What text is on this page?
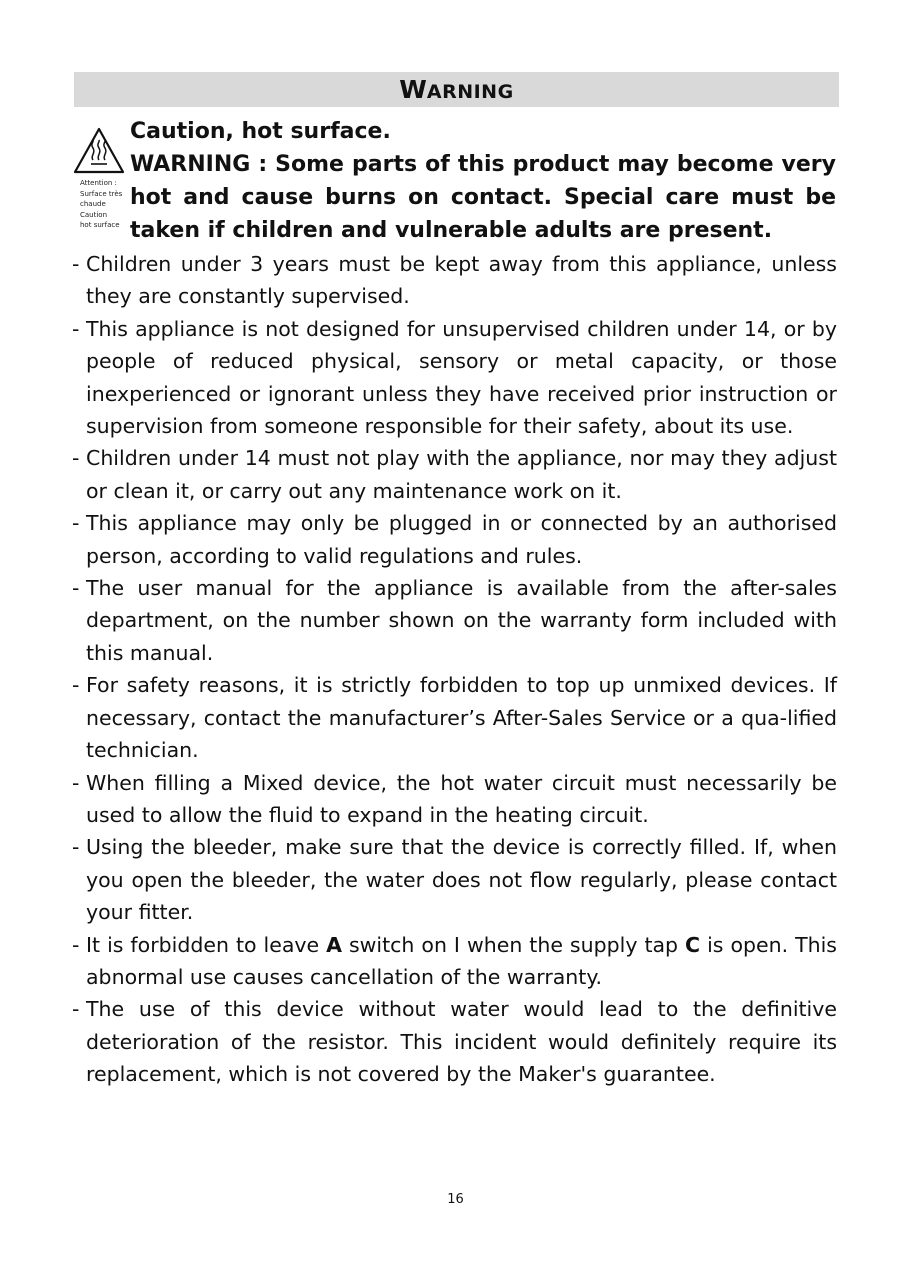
WARNING
Attention :
Surface très
chaude
Caution
hot surface
Caution, hot surface.
WARNING : Some parts of this product may become very hot and cause burns on contact. Special care must be taken if children and vulnerable adults are present.
- Children under 3 years must be kept away from this appliance, unless they are constantly supervised.
- This appliance is not designed for unsupervised children under 14, or by people of reduced physical, sensory or metal capacity, or those inexperienced or ignorant unless they have received prior instruction or supervision from someone responsible for their safety, about its use.
- Children under 14 must not play with the appliance, nor may they adjust or clean it, or carry out any maintenance work on it.
- This appliance may only be plugged in or connected by an authorised person, according to valid regulations and rules.
- The user manual for the appliance is available from the after-sales department, on the number shown on the warranty form included with this manual.
- For safety reasons, it is strictly forbidden to top up unmixed devices. If necessary, contact the manufacturer’s After-Sales Service or a qua-lified technician.
- When filling a Mixed device, the hot water circuit must necessarily be used to allow the fluid to expand in the heating circuit.
- Using the bleeder, make sure that the device is correctly filled. If, when you open the bleeder, the water does not flow regularly, please contact your fitter.
- It is forbidden to leave A switch on I when the supply tap C is open. This abnormal use causes cancellation of the warranty.
- The use of this device without water would lead to the definitive deterioration of the resistor. This incident would definitely require its replacement, which is not covered by the Maker's guarantee.
16
